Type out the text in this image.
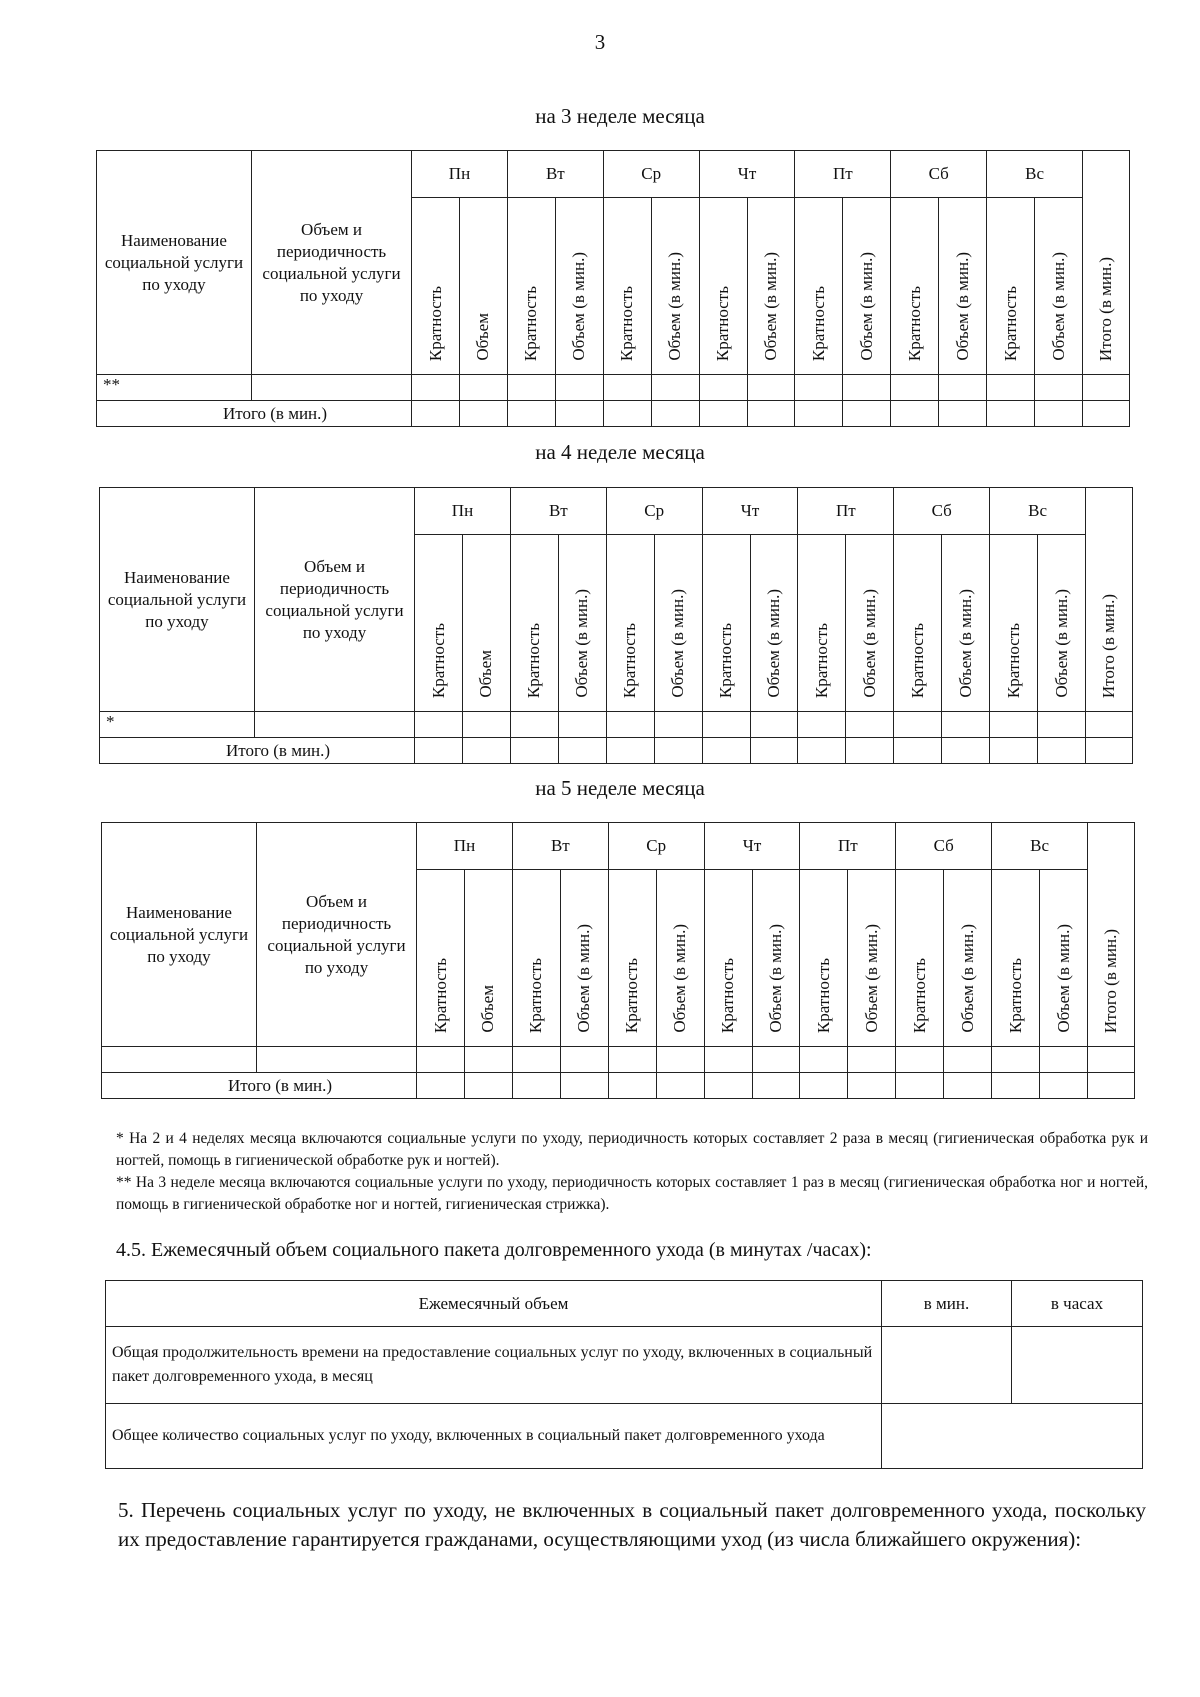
3
на 3 неделе месяца
Наименование социальной услуги по уходу	Объем и периодичность социальной услуги по уходу	Пн		Вт		Ср		Чт		Пт		Сб		Вс		Итого (в мин.)
		Кратность	Объем	Кратность	Объем (в мин.)	Кратность	Объем (в мин.)	Кратность	Объем (в мин.)	Кратность	Объем (в мин.)	Кратность	Объем (в мин.)	Кратность	Объем (в мин.)	
**																
Итого (в мин.)																
на 4 неделе месяца
Наименование социальной услуги по уходу	Объем и периодичность социальной услуги по уходу	Пн		Вт		Ср		Чт		Пт		Сб		Вс		Итого (в мин.)
		Кратность	Объем	Кратность	Объем (в мин.)	Кратность	Объем (в мин.)	Кратность	Объем (в мин.)	Кратность	Объем (в мин.)	Кратность	Объем (в мин.)	Кратность	Объем (в мин.)	
*																
Итого (в мин.)																
на 5 неделе месяца
Наименование социальной услуги по уходу	Объем и периодичность социальной услуги по уходу	Пн		Вт		Ср		Чт		Пт		Сб		Вс		Итого (в мин.)
		Кратность	Объем	Кратность	Объем (в мин.)	Кратность	Объем (в мин.)	Кратность	Объем (в мин.)	Кратность	Объем (в мин.)	Кратность	Объем (в мин.)	Кратность	Объем (в мин.)	

Итого (в мин.)																

* На 2 и 4 неделях месяца включаются социальные услуги по уходу, периодичность которых составляет 2 раза в месяц (гигиеническая обработка рук и ногтей, помощь в гигиенической обработке рук и ногтей).

** На 3 неделе месяца включаются социальные услуги по уходу, периодичность которых составляет 1 раз в месяц (гигиеническая обработка ног и ногтей, помощь в гигиенической обработке ног и ногтей, гигиеническая стрижка).

4.5. Ежемесячный объем социального пакета долговременного ухода (в минутах /часах):
Ежемесячный объем	в мин.	в часах
Общая продолжительность времени на предоставление социальных услуг по уходу, включенных в социальный пакет долговременного ухода, в месяц		
Общее количество социальных услуг по уходу, включенных в социальный пакет долговременного ухода		
5. Перечень социальных услуг по уходу, не включенных в социальный пакет долговременного ухода, поскольку их предоставление гарантируется гражданами, осуществляющими уход (из числа ближайшего окружения):
